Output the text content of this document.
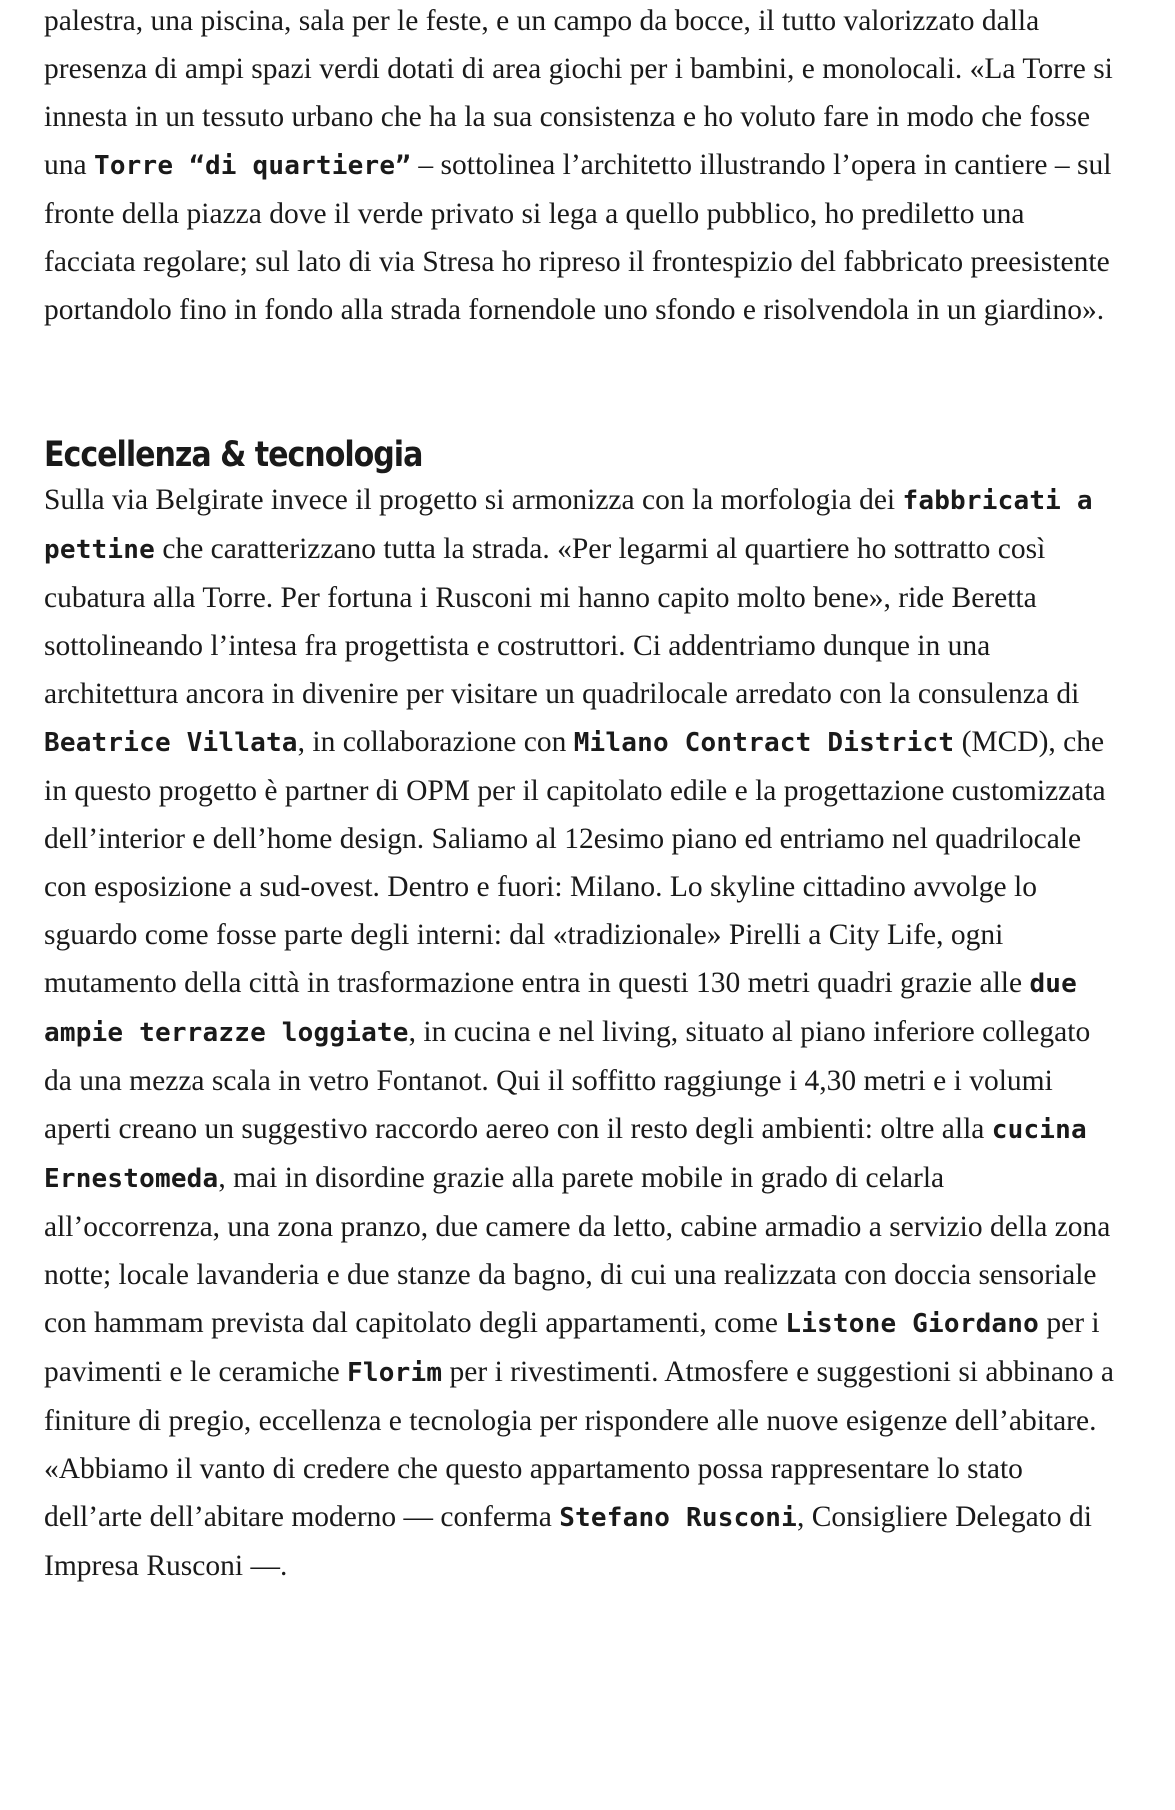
palestra, una piscina, sala per le feste, e un campo da bocce, il tutto valorizzato dalla presenza di ampi spazi verdi dotati di area giochi per i bambini, e monolocali. «La Torre si innesta in un tessuto urbano che ha la sua consistenza e ho voluto fare in modo che fosse una Torre “di quartiere” – sottolinea l’architetto illustrando l’opera in cantiere – sul fronte della piazza dove il verde privato si lega a quello pubblico, ho prediletto una facciata regolare; sul lato di via Stresa ho ripreso il frontespizio del fabbricato preesistente portandolo fino in fondo alla strada fornendole uno sfondo e risolvendola in un giardino».

Eccellenza & tecnologia

Sulla via Belgirate invece il progetto si armonizza con la morfologia dei fabbricati a pettine che caratterizzano tutta la strada. «Per legarmi al quartiere ho sottratto così cubatura alla Torre. Per fortuna i Rusconi mi hanno capito molto bene», ride Beretta sottolineando l’intesa fra progettista e costruttori. Ci addentriamo dunque in una architettura ancora in divenire per visitare un quadrilocale arredato con la consulenza di Beatrice Villata, in collaborazione con Milano Contract District (MCD), che in questo progetto è partner di OPM per il capitolato edile e la progettazione customizzata dell’interior e dell’home design. Saliamo al 12esimo piano ed entriamo nel quadrilocale con esposizione a sud-ovest. Dentro e fuori: Milano. Lo skyline cittadino avvolge lo sguardo come fosse parte degli interni: dal «tradizionale» Pirelli a City Life, ogni mutamento della città in trasformazione entra in questi 130 metri quadri grazie alle due ampie terrazze loggiate, in cucina e nel living, situato al piano inferiore collegato da una mezza scala in vetro Fontanot. Qui il soffitto raggiunge i 4,30 metri e i volumi aperti creano un suggestivo raccordo aereo con il resto degli ambienti: oltre alla cucina Ernestomeda, mai in disordine grazie alla parete mobile in grado di celarla all’occorrenza, una zona pranzo, due camere da letto, cabine armadio a servizio della zona notte; locale lavanderia e due stanze da bagno, di cui una realizzata con doccia sensoriale con hammam prevista dal capitolato degli appartamenti, come Listone Giordano per i pavimenti e le ceramiche Florim per i rivestimenti. Atmosfere e suggestioni si abbinano a finiture di pregio, eccellenza e tecnologia per rispondere alle nuove esigenze dell’abitare. «Abbiamo il vanto di credere che questo appartamento possa rappresentare lo stato dell’arte dell’abitare moderno — conferma Stefano Rusconi, Consigliere Delegato di Impresa Rusconi —.
